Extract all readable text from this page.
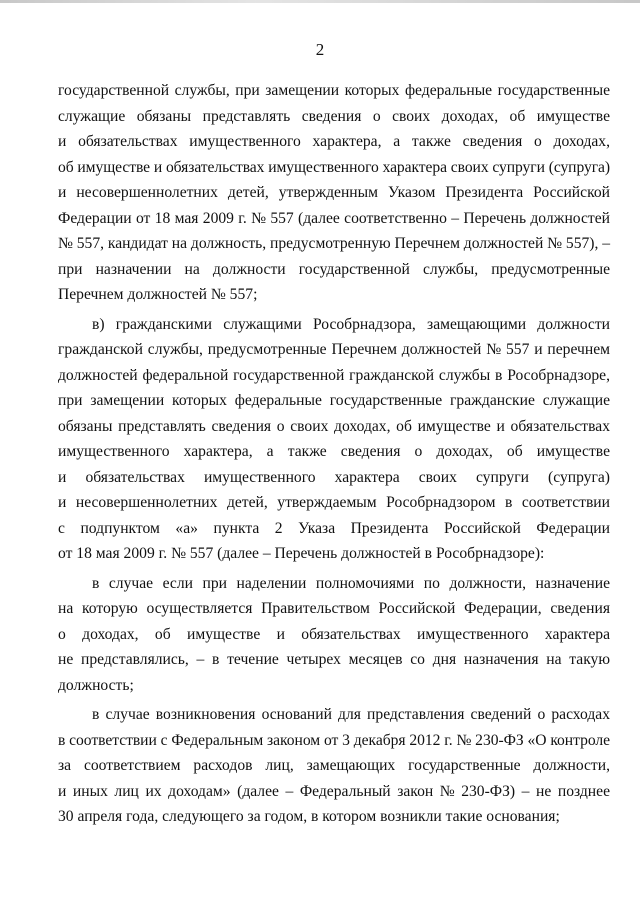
2

государственной службы, при замещении которых федеральные государственные
служащие обязаны представлять сведения о своих доходах, об имуществе
и обязательствах имущественного характера, а также сведения о доходах,
об имуществе и обязательствах имущественного характера своих супруги (супруга)
и несовершеннолетних детей, утвержденным Указом Президента Российской
Федерации от 18 мая 2009 г. № 557 (далее соответственно – Перечень должностей
№ 557, кандидат на должность, предусмотренную Перечнем должностей № 557), –
при назначении на должности государственной службы, предусмотренные
Перечнем должностей № 557;

в) гражданскими служащими Рособрнадзора, замещающими должности
гражданской службы, предусмотренные Перечнем должностей № 557 и перечнем
должностей федеральной государственной гражданской службы в Рособрнадзоре,
при замещении которых федеральные государственные гражданские служащие
обязаны представлять сведения о своих доходах, об имуществе и обязательствах
имущественного характера, а также сведения о доходах, об имуществе
и обязательствах имущественного характера своих супруги (супруга)
и несовершеннолетних детей, утверждаемым Рособрнадзором в соответствии
с подпунктом «а» пункта 2 Указа Президента Российской Федерации
от 18 мая 2009 г. № 557 (далее – Перечень должностей в Рособрнадзоре):

в случае если при наделении полномочиями по должности, назначение
на которую осуществляется Правительством Российской Федерации, сведения
о доходах, об имуществе и обязательствах имущественного характера
не представлялись, – в течение четырех месяцев со дня назначения на такую
должность;

в случае возникновения оснований для представления сведений о расходах
в соответствии с Федеральным законом от 3 декабря 2012 г. № 230-ФЗ «О контроле
за соответствием расходов лиц, замещающих государственные должности,
и иных лиц их доходам» (далее – Федеральный закон № 230-ФЗ) – не позднее
30 апреля года, следующего за годом, в котором возникли такие основания;
